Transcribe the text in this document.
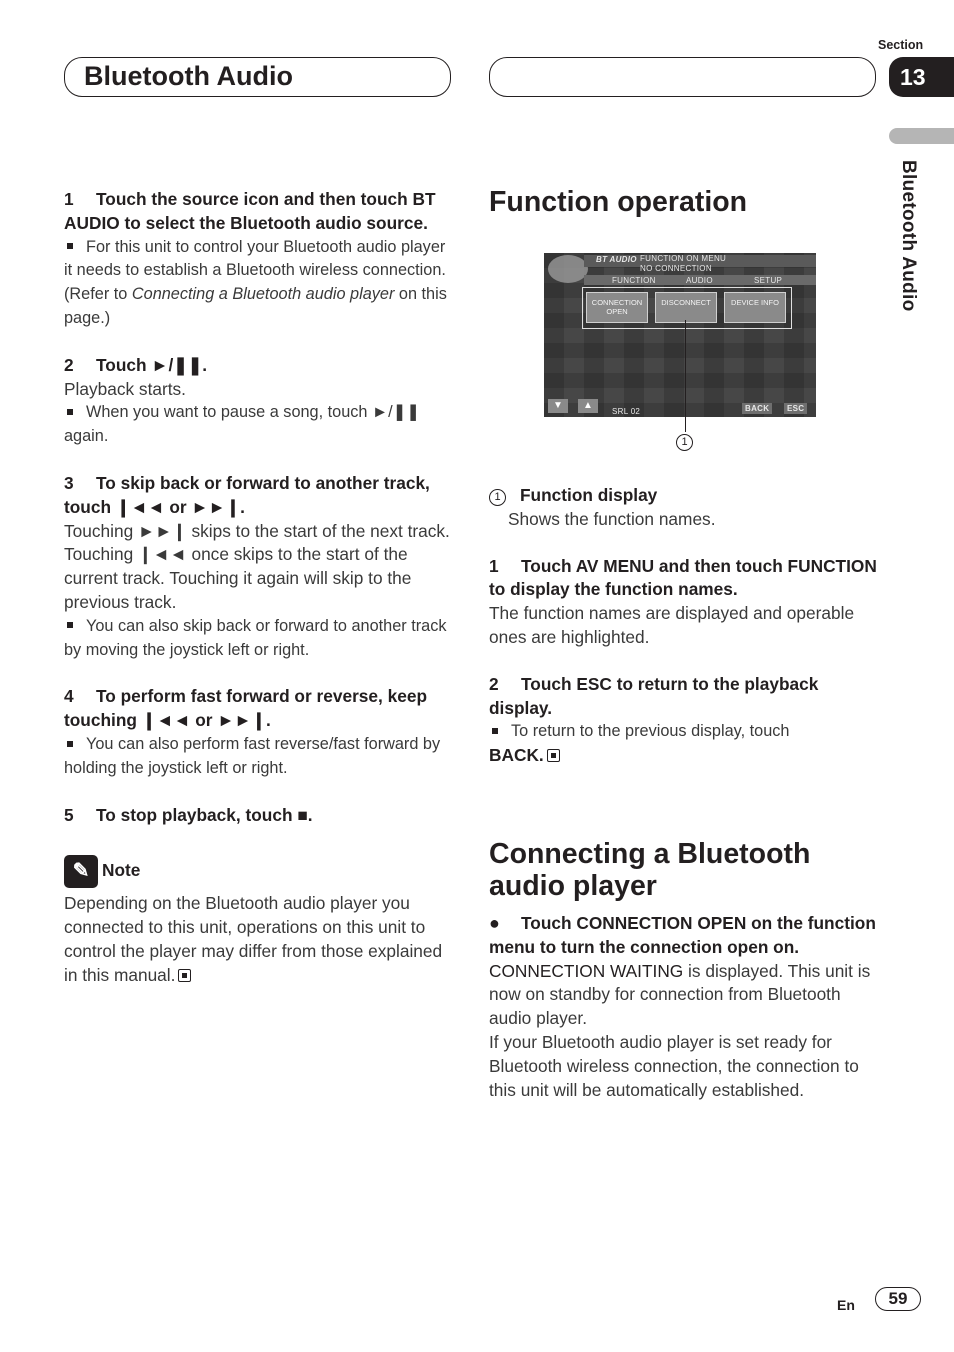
Bluetooth Audio
Section
13
Bluetooth Audio

1 Touch the source icon and then touch BT AUDIO to select the Bluetooth audio source.

For this unit to control your Bluetooth audio player it needs to establish a Bluetooth wireless connection. (Refer to Connecting a Bluetooth audio player on this page.)

2 Touch ►/❚❚.

Playback starts.

When you want to pause a song, touch ►/❚❚ again.

3 To skip back or forward to another track, touch ❙◄◄ or ►►❙.

Touching ►►❙ skips to the start of the next track. Touching ❙◄◄ once skips to the start of the current track. Touching it again will skip to the previous track.

You can also skip back or forward to another track by moving the joystick left or right.

4 To perform fast forward or reverse, keep touching ❙◄◄ or ►►❙.

You can also perform fast reverse/fast forward by holding the joystick left or right.

5 To stop playback, touch ■.

✎ Note

Depending on the Bluetooth audio player you connected to this unit, operations on this unit to control the player may differ from those explained in this manual.

Function operation
BT AUDIO FUNCTION ON MENU
NO CONNECTION
FUNCTION	AUDIO	SETUP
CONNECTION OPEN
DISCONNECT	DEVICE INFO
▼	▲
SRL 02	BACK	ESC
1

1 Function display

Shows the function names.

1 Touch AV MENU and then touch FUNCTION to display the function names.

The function names are displayed and operable ones are highlighted.

2 Touch ESC to return to the playback display.

To return to the previous display, touch

BACK.

Connecting a Bluetooth audio player

● Touch CONNECTION OPEN on the function menu to turn the connection open on.

CONNECTION WAITING is displayed. This unit is now on standby for connection from Bluetooth audio player.

If your Bluetooth audio player is set ready for Bluetooth wireless connection, the connection to this unit will be automatically established.

En	59
